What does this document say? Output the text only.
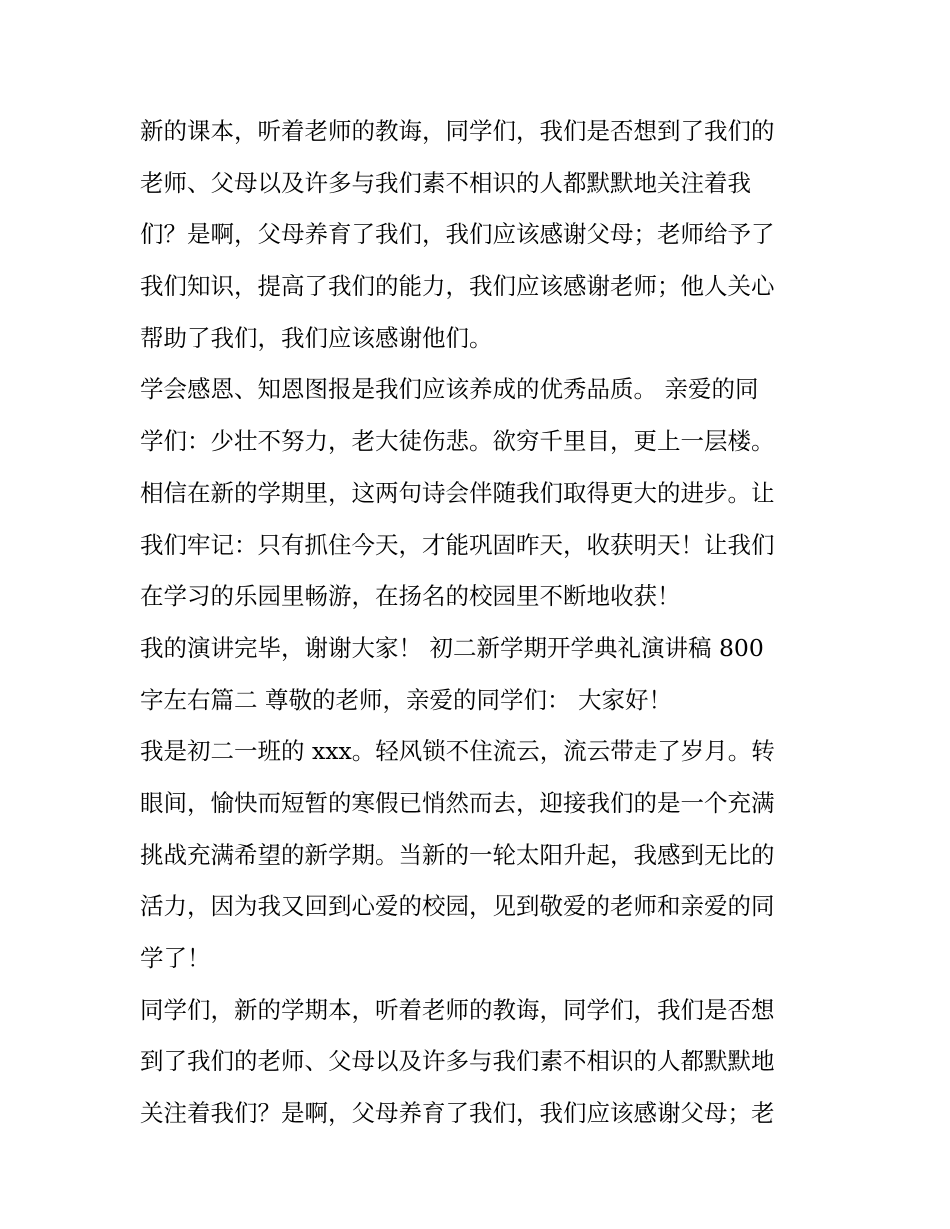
新的课本，听着老师的教诲，同学们，我们是否想到了我们的
老师、父母以及许多与我们素不相识的人都默默地关注着我
们？是啊，父母养育了我们，我们应该感谢父母；老师给予了
我们知识，提高了我们的能力，我们应该感谢老师；他人关心
帮助了我们，我们应该感谢他们。
学会感恩、知恩图报是我们应该养成的优秀品质。 亲爱的同
学们：少壮不努力，老大徒伤悲。欲穷千里目，更上一层楼。
相信在新的学期里，这两句诗会伴随我们取得更大的进步。让
我们牢记：只有抓住今天，才能巩固昨天，收获明天！让我们
在学习的乐园里畅游，在扬名的校园里不断地收获！
我的演讲完毕，谢谢大家！ 初二新学期开学典礼演讲稿 800
字左右篇二 尊敬的老师，亲爱的同学们： 大家好！
我是初二一班的 xxx。轻风锁不住流云，流云带走了岁月。转
眼间，愉快而短暂的寒假已悄然而去，迎接我们的是一个充满
挑战充满希望的新学期。当新的一轮太阳升起，我感到无比的
活力，因为我又回到心爱的校园，见到敬爱的老师和亲爱的同
学了！
同学们，新的学期本，听着老师的教诲，同学们，我们是否想
到了我们的老师、父母以及许多与我们素不相识的人都默默地
关注着我们？是啊，父母养育了我们，我们应该感谢父母；老
